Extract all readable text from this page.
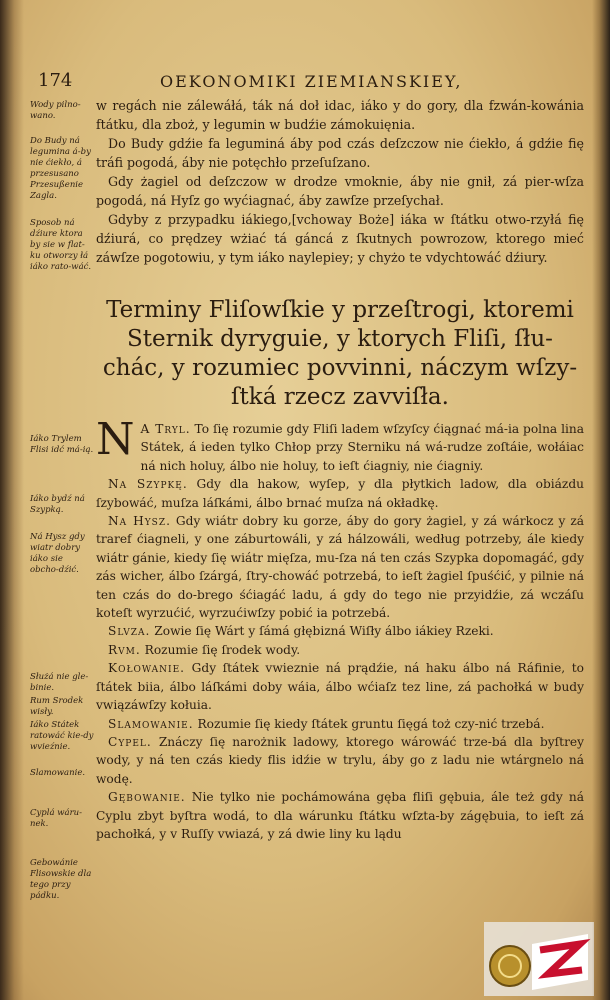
174	OEKONOMIKI ZIEMIANSKIEY,
Wody pilno-wano.
Do Budy ná legumina á-by nie ćiekło, á przesusano Przesußenie Zagla.
Sposob ná dźiure ktora by sie w flat-ku otworzy łá iáko rato-wáć.
Iáko Trylem Flisi idć má-ią.
Iáko bydź ná Szypką.
Ná Hysz gdy wiatr dobry iáko sie obcho-dźić.
Służá nie gle-binie.
Rum Srodek wisły.
Iáko Státek ratowáć kie-dy wvieźnie.
Slamowanie.
Cyplá wáru-nek.
Gebowánie Flisowskie dla tego przy pádku.

w regách nie zálewáłá, ták ná doł idac, iáko y do gory, dla fzwán-kowánia ftátku, dla zboż, y legumin w budźie zámokuięnia.

Do Budy gdźie fa leguminá áby pod czás deſzczow nie ćiekło, á gdźie fię tráfi pogodá, áby nie potęchło przeſuſzano.

Gdy żagiel od deſzczow w drodze vmoknie, áby nie gnił, zá pier-wſza pogodá, ná Hyſz go wyćiagnać, áby zawſze przeſychał.

Gdyby z przypadku iákiego,[vchoway Boże] iáka w ſtátku otwo-rzyłá fię dźiurá, co prędzey wżiać tá gáncá z ſkutnych powrozow, ktorego mieć záwſze pogotowiu, y tym iáko naylepiey; y chyżo te vdychtowáć dźiury.

Terminy Fliſowſkie y przeſtrogi, ktoremi
Sternik dyryguie, y ktorych Fliſi, ſłu-
chác, y rozumiec povvinni, náczym wſzy-
ſtká rzecz zavviſła.

N A Tryl. To ſię rozumie gdy Fliſi ladem wſzyſcy ćiągnać má-ia polna lina Státek, á ieden tylko Chłop przy Sterniku ná wá-rudze zoſtáie, wołáiac ná nich holuy, álbo nie holuy, to ieſt ćiagniy, nie ćiagniy.

Na Szypkę. Gdy dla hakow, wyſep, y dla płytkich ladow, dla obiázdu ſzybowáć, muſza láſkámi, álbo brnać muſza ná okładkę.

Na Hysz. Gdy wiátr dobry ku gorze, áby do gory żagiel, y zá wárkocz y zá traref ćiagneli, y one záburtowáli, y zá hálzowáli, według potrzeby, ále kiedy wiátr gánie, kiedy ſię wiátr mięſza, mu-ſza ná ten czás Szypka dopomagáć, gdy zás wicher, álbo ſzárgá, ſtry-chowáć potrzebá, to ieſt żagiel ſpuśćić, y pilnie ná ten czás do do-brego śćiagáć ladu, á gdy do tego nie przyidźie, zá wczáſu koteſt wyrzućić, wyrzućiwſzy pobić ia potrzebá.

Slvza. Zowie ſię Wárt y ſámá głębizná Wiſły álbo iákiey Rzeki.

Rvm. Rozumie ſię ſrodek wody.

Kołowanie. Gdy ſtátek vwieznie ná prądźie, ná haku álbo ná Ráfinie, to ſtátek biia, álbo láſkámi doby wáia, álbo wćiaſz tez line, zá pachołká w budy vwiązáwſzy kołuia.

Slamowanie. Rozumie ſię kiedy ſtátek gruntu ſięgá toż czy-nić trzebá.

Cypel. Znáczy ſię narożnik ladowy, ktorego wárowáć trze-bá dla byſtrey wody, y ná ten czás kiedy flis idźie w trylu, áby go z ladu nie wtárgnelo ná wodę.

Gębowanie. Nie tylko nie pochámowána gęba fliſi gębuia, ále też gdy ná Cyplu zbyt byſtra wodá, to dla wárunku ſtátku wſzta-by zágębuia, to ieſt zá pachołká, y v Ruſſy vwiazá, y zá dwie liny ku lądu
